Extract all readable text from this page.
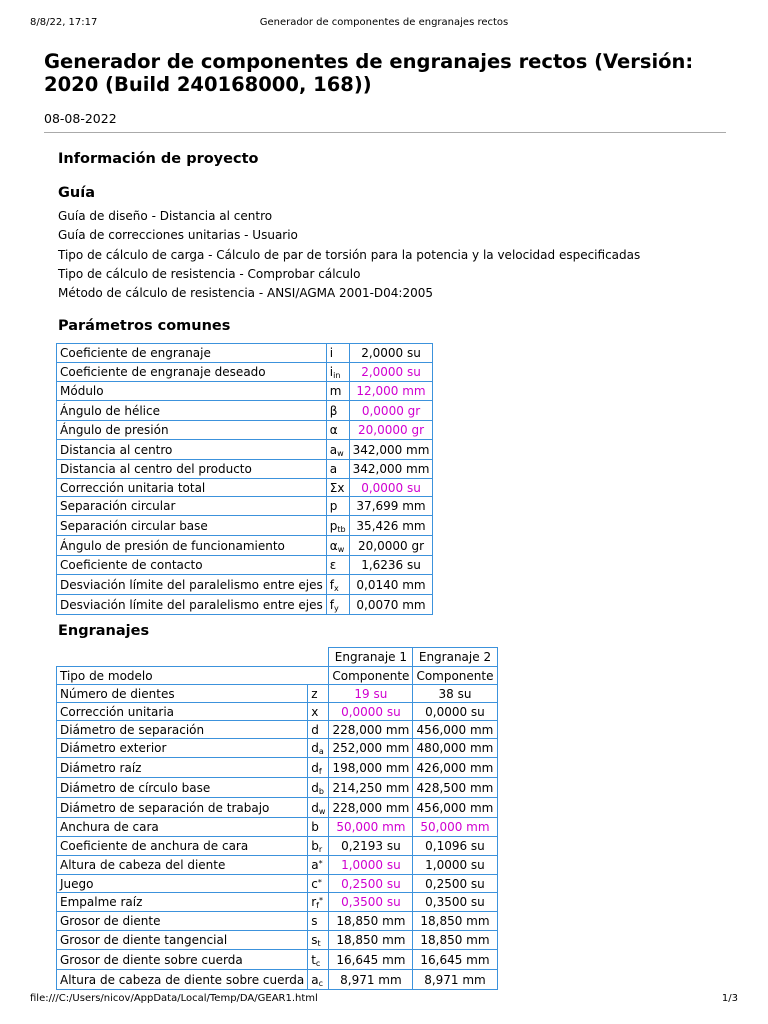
8/8/22, 17:17	Generador de componentes de engranajes rectos
Generador de componentes de engranajes rectos (Versión: 2020 (Build 240168000, 168))
08-08-2022
Información de proyecto
Guía
Guía de diseño - Distancia al centro
Guía de correcciones unitarias - Usuario
Tipo de cálculo de carga - Cálculo de par de torsión para la potencia y la velocidad especificadas
Tipo de cálculo de resistencia - Comprobar cálculo
Método de cálculo de resistencia - ANSI/AGMA 2001-D04:2005
Parámetros comunes
Coeficiente de engranaje	i	2,0000 su
Coeficiente de engranaje deseado	$i_{in}$	2,0000 su
Módulo	m	12,000 mm
Ángulo de hélice	β	0,0000 gr
Ángulo de presión	α	20,0000 gr
Distancia al centro	$a_w$	342,000 mm
Distancia al centro del producto	a	342,000 mm
Corrección unitaria total	Σx	0,0000 su
Separación circular	p	37,699 mm
Separación circular base	$p_{tb}$	35,426 mm
Ángulo de presión de funcionamiento	$\alpha_w$	20,0000 gr
Coeficiente de contacto	ε	1,6236 su
Desviación límite del paralelismo entre ejes	$f_x$	0,0140 mm
Desviación límite del paralelismo entre ejes	$f_y$	0,0070 mm
Engranajes
		Engranaje 1	Engranaje 2
Tipo de modelo		Componente	Componente
Número de dientes	z	19 su	38 su
Corrección unitaria	x	0,0000 su	0,0000 su
Diámetro de separación	d	228,000 mm	456,000 mm
Diámetro exterior	$d_a$	252,000 mm	480,000 mm
Diámetro raíz	$d_f$	198,000 mm	426,000 mm
Diámetro de círculo base	$d_b$	214,250 mm	428,500 mm
Diámetro de separación de trabajo	$d_w$	228,000 mm	456,000 mm
Anchura de cara	b	50,000 mm	50,000 mm
Coeficiente de anchura de cara	$b_r$	0,2193 su	0,1096 su
Altura de cabeza del diente	a*	1,0000 su	1,0000 su
Juego	c*	0,2500 su	0,2500 su
Empalme raíz	$r_f^*$	0,3500 su	0,3500 su
Grosor de diente	s	18,850 mm	18,850 mm
Grosor de diente tangencial	$s_t$	18,850 mm	18,850 mm
Grosor de diente sobre cuerda	$t_c$	16,645 mm	16,645 mm
Altura de cabeza de diente sobre cuerda	$a_c$	8,971 mm	8,971 mm
file:///C:/Users/nicov/AppData/Local/Temp/DA/GEAR1.html	1/3
